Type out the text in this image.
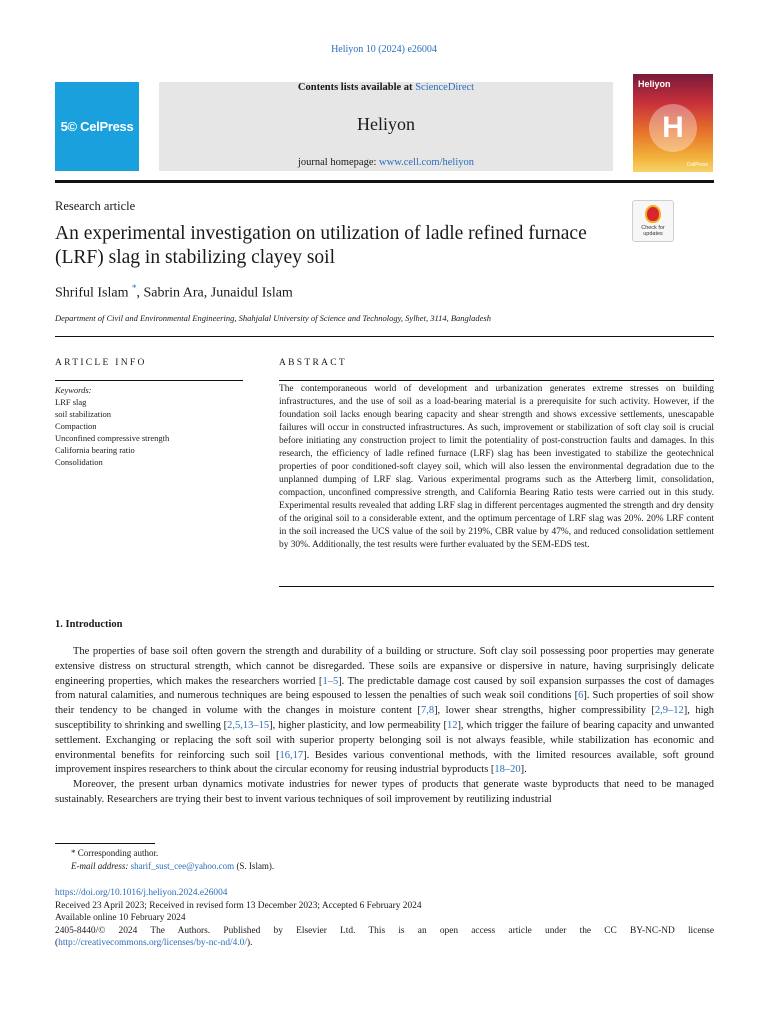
Heliyon 10 (2024) e26004
5© CelPress
Contents lists available at ScienceDirect
Heliyon
journal homepage: www.cell.com/heliyon
Heliyon
H
CellPress
Research article
Check for updates
An experimental investigation on utilization of ladle refined furnace (LRF) slag in stabilizing clayey soil
Shriful Islam *, Sabrin Ara, Junaidul Islam
Department of Civil and Environmental Engineering, Shahjalal University of Science and Technology, Sylhet, 3114, Bangladesh
ARTICLE INFO	ABSTRACT
Keywords:
LRF slag
soil stabilization
Compaction
Unconfined compressive strength
California bearing ratio
Consolidation
The contemporaneous world of development and urbanization generates extreme stresses on building infrastructures, and the use of soil as a load-bearing material is a prerequisite for such activity. However, if the foundation soil lacks enough bearing capacity and shear strength and shows excessive settlements, unescapable failures will occur in constructed infrastructures. As such, improvement or stabilization of soft clay soil is crucial before initiating any construction project to limit the potentiality of post-construction faults and damages. In this research, the efficiency of ladle refined furnace (LRF) slag has been investigated to stabilize the geotechnical properties of poor conditioned-soft clayey soil, which will also lessen the environmental degradation due to the unplanned dumping of LRF slag. Various experimental programs such as the Atterberg limit, consolidation, compaction, unconfined compressive strength, and California Bearing Ratio tests were carried out in this study. Experimental results revealed that adding LRF slag in different percentages augmented the strength and dry density of the original soil to a considerable extent, and the optimum percentage of LRF slag was 20%. 20% LRF content in the soil increased the UCS value of the soil by 219%, CBR value by 47%, and reduced consolidation settlement by 30%. Additionally, the test results were further evaluated by the SEM-EDS test.
1. Introduction

The properties of base soil often govern the strength and durability of a building or structure. Soft clay soil possessing poor properties may generate extensive distress on structural strength, which cannot be disregarded. These soils are expansive or dispersive in nature, having surprisingly delicate engineering properties, which makes the researchers worried [1–5]. The predictable damage cost caused by soil expansion surpasses the cost of damages from natural calamities, and numerous techniques are being espoused to lessen the penalties of such weak soil conditions [6]. Such properties of soil show their tendency to be changed in volume with the changes in moisture content [7,8], lower shear strengths, higher compressibility [2,9–12], high susceptibility to shrinking and swelling [2,5,13–15], higher plasticity, and low permeability [12], which trigger the failure of bearing capacity and unwanted settlement. Exchanging or replacing the soft soil with superior property belonging soil is not always feasible, while stabilization has economic and environmental benefits for reinforcing such soil [16,17]. Besides various conventional methods, with the limited resources available, soft ground improvement inspires researchers to think about the circular economy for reusing industrial byproducts [18–20].

Moreover, the present urban dynamics motivate industries for newer types of products that generate waste byproducts that need to be managed sustainably. Researchers are trying their best to invent various techniques of soil improvement by reutilizing industrial

* Corresponding author.
E-mail address: sharif_sust_cee@yahoo.com (S. Islam).
https://doi.org/10.1016/j.heliyon.2024.e26004
Received 23 April 2023; Received in revised form 13 December 2023; Accepted 6 February 2024
Available online 10 February 2024
2405-8440/© 2024 The Authors. Published by Elsevier Ltd. This is an open access article under the CC BY-NC-ND license
(http://creativecommons.org/licenses/by-nc-nd/4.0/).
